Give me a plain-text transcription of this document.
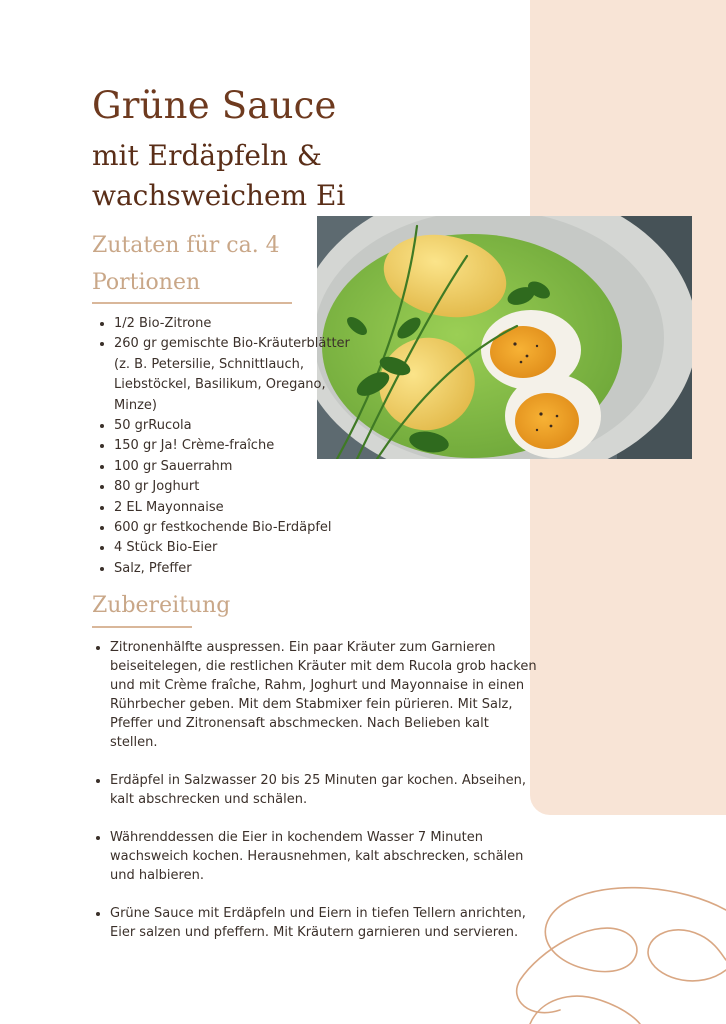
Grüne Sauce
mit Erdäpfeln & wachsweichem Ei
Zutaten für ca. 4 Portionen
• 1/2 Bio-Zitrone
• 260 gr gemischte Bio-Kräuterblätter (z. B. Petersilie, Schnittlauch, Liebstöckel, Basilikum, Oregano, Minze)
• 50 grRucola
• 150 gr Ja! Crème-fraîche
• 100 gr Sauerrahm
• 80 gr Joghurt
• 2 EL Mayonnaise
• 600 gr festkochende Bio-Erdäpfel
• 4 Stück Bio-Eier
• Salz, Pfeffer
Zubereitung
• Zitronenhälfte auspressen. Ein paar Kräuter zum Garnieren beiseitelegen, die restlichen Kräuter mit dem Rucola grob hacken und mit Crème fraîche, Rahm, Joghurt und Mayonnaise in einen Rührbecher geben. Mit dem Stabmixer fein pürieren. Mit Salz, Pfeffer und Zitronensaft abschmecken. Nach Belieben kalt stellen.
• Erdäpfel in Salzwasser 20 bis 25 Minuten gar kochen. Abseihen, kalt abschrecken und schälen.
• Währenddessen die Eier in kochendem Wasser 7 Minuten wachsweich kochen. Herausnehmen, kalt abschrecken, schälen und halbieren.
• Grüne Sauce mit Erdäpfeln und Eiern in tiefen Tellern anrichten, Eier salzen und pfeffern. Mit Kräutern garnieren und servieren.
